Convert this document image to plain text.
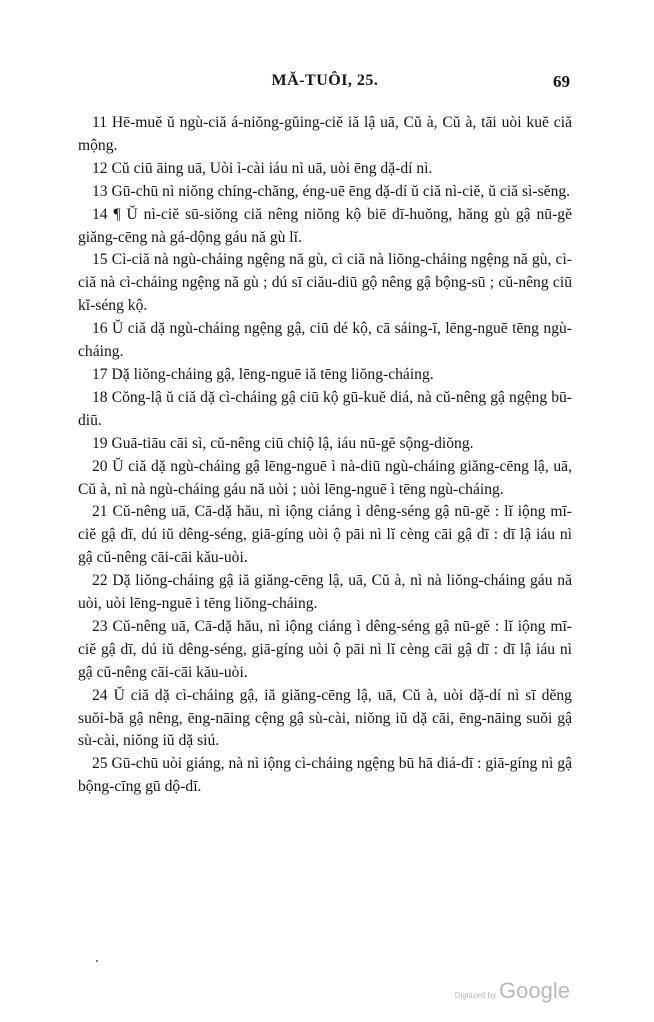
MĂ-TUÔI, 25.	69

11 Hē-muĕ ŭ ngù-ciă á-niŏng-gŭing-ciĕ iă lậ uā, Cŭ à, Cŭ à, tāi uòi kuĕ ciă mộng.

12 Cŭ ciū āing uā, Uòi ì-cài iáu nì uā, uòi ēng dặ-dí nì.

13 Gū-chū nì niŏng chíng-chăng, éng-uē ēng dặ-dí ŭ ciă nì-ciĕ, ŭ ciă sì-sĕng.

14 ¶ Ŭ nì-ciĕ sū-siŏng ciă nêng niŏng kộ biē dī-huŏng, hăng gù gậ nū-gĕ giăng-cēng nà gá-dộng gáu nă gù lĭ.

15 Cì-ciă nà ngù-cháing ngệng nă gù, cì ciă nà liŏng-cháing ngệng nă gù, cì-ciă nà cì-cháing ngệng nă gù ; dú sī ciău-diū gộ nêng gậ bộng-sū ; cŭ-nêng ciū kĭ-séng kộ.

16 Ŭ ciă dặ ngù-cháing ngệng gậ, ciū dé kộ, cā sáing-ī, lēng-nguē tēng ngù-cháing.

17 Dặ liŏng-cháing gậ, lēng-nguē iă tēng liŏng-cháing.

18 Cŏng-lậ ŭ ciă dặ cì-cháing gậ ciū kộ gū-kuĕ diá, nà cŭ-nêng gậ ngệng bū-diū.

19 Guā-tiāu cāi sì, cŭ-nêng ciū chiộ lậ, iáu nū-gĕ sộng-diŏng.

20 Ŭ ciă dặ ngù-cháing gậ lēng-nguē ì nà-diū ngù-cháing giăng-cēng lậ, uā, Cŭ à, nì nà ngù-cháing gáu nă uòi ; uòi lēng-nguē ì tēng ngù-cháing.

21 Cŭ-nêng uā, Cā-dặ hău, nì iộng ciáng ì dêng-séng gậ nū-gĕ : lĭ iộng mī-ciĕ gậ dī, dú iŭ dêng-séng, giā-gíng uòi ộ pāi nì lĭ cèng cāi gậ dī : dī lậ iáu nì gậ cŭ-nêng cāi-cāi kău-uòi.

22 Dặ liŏng-cháing gậ iă giăng-cēng lậ, uā, Cŭ à, nì nà liŏng-cháing gáu nă uòi, uòi lēng-nguē ì tēng liŏng-cháing.

23 Cŭ-nêng uā, Cā-dặ hău, nì iộng ciáng ì dêng-séng gậ nū-gĕ : lĭ iộng mī-ciĕ gậ dī, dú iŭ dêng-séng, giā-gíng uòi ộ pāi nì lĭ cèng cāi gậ dī : dī lậ iáu nì gậ cŭ-nêng cāi-cāi kău-uòi.

24 Ŭ ciă dặ cì-cháing gậ, iă giăng-cēng lậ, uā, Cŭ à, uòi dặ-dí nì sī dĕng suŏi-bă gậ nêng, ēng-nāing cệng gậ sù-cài, niŏng iŭ dặ cāi, ēng-nāing suŏi gậ sù-cài, niŏng iŭ dặ siú.

25 Gū-chū uòi giáng, nà nì iộng cì-cháing ngệng bū hā diá-dī : giā-gíng nì gậ bộng-cīng gū dộ-dī.

Digitized by Google
